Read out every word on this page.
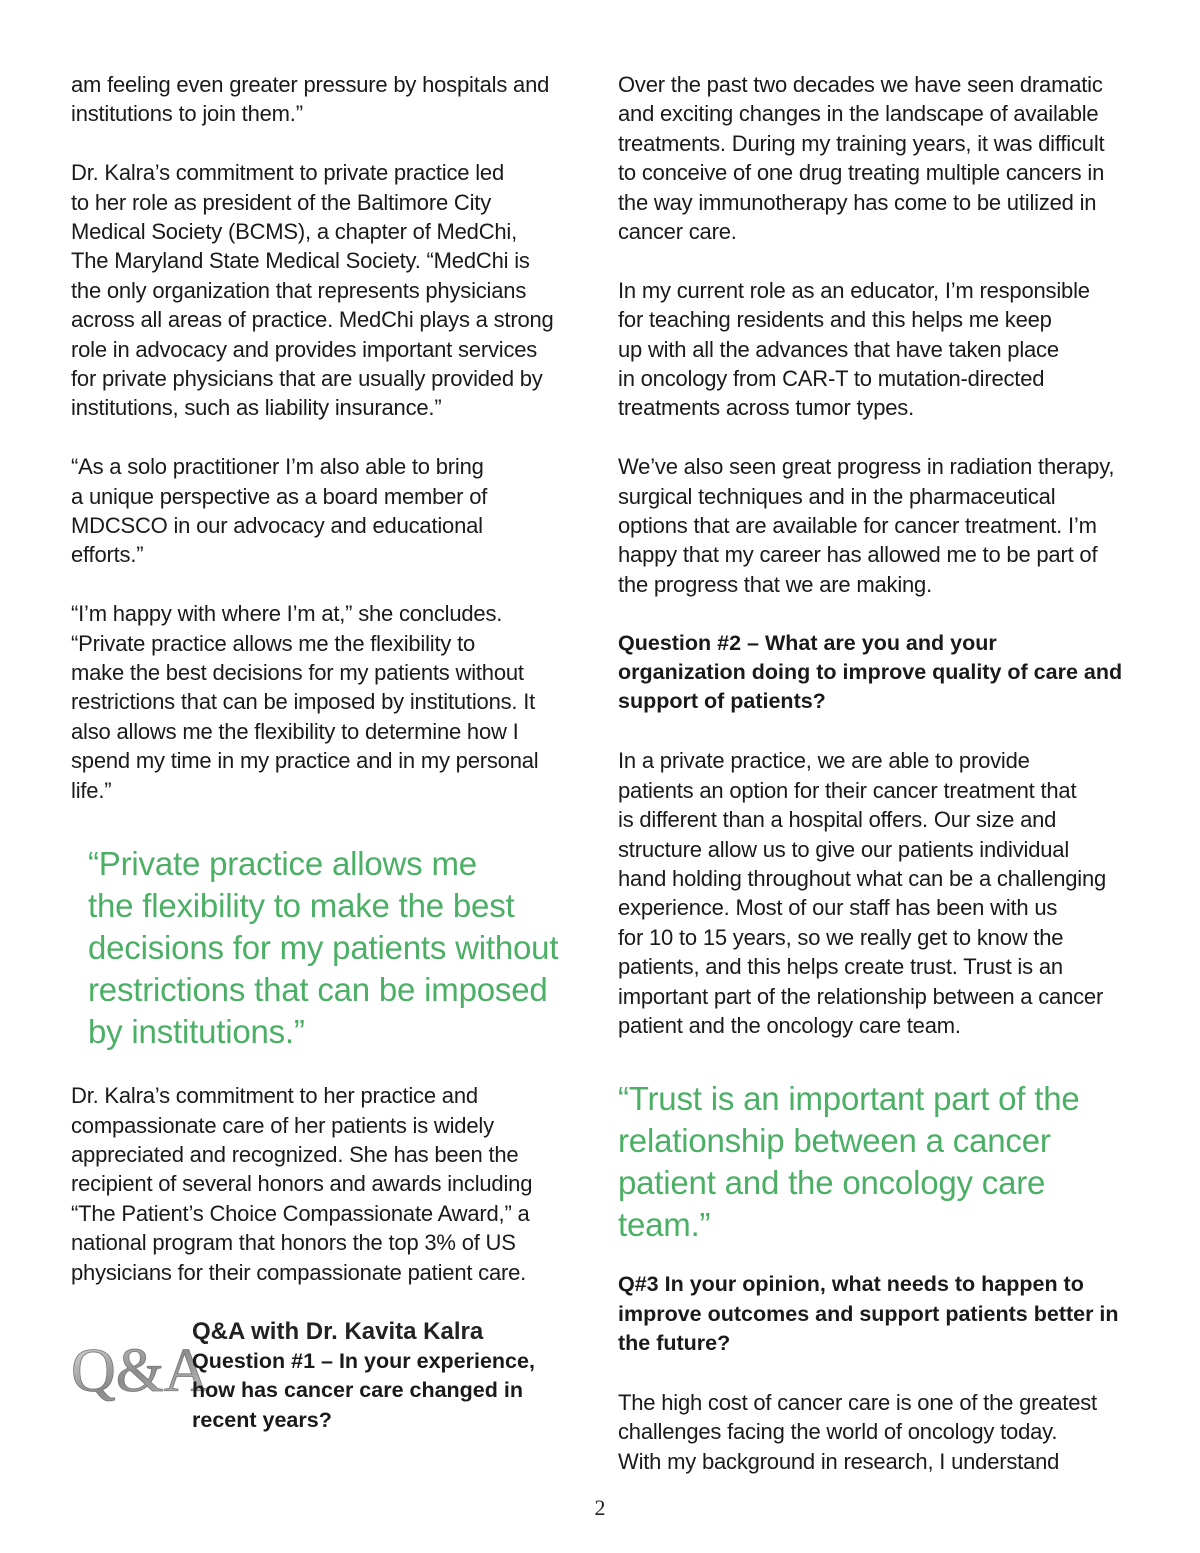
am feeling even greater pressure by hospitals and
institutions to join them.”

Dr. Kalra’s commitment to private practice led
to her role as president of the Baltimore City
Medical Society (BCMS), a chapter of MedChi,
The Maryland State Medical Society. “MedChi is
the only organization that represents physicians
across all areas of practice. MedChi plays a strong
role in advocacy and provides important services
for private physicians that are usually provided by
institutions, such as liability insurance.”

“As a solo practitioner I’m also able to bring
a unique perspective as a board member of
MDCSCO in our advocacy and educational
efforts.”

“I’m happy with where I’m at,” she concludes.
“Private practice allows me the flexibility to
make the best decisions for my patients without
restrictions that can be imposed by institutions. It
also allows me the flexibility to determine how I
spend my time in my practice and in my personal
life.”

“Private practice allows me
the flexibility to make the best
decisions for my patients without
restrictions that can be imposed
by institutions.”

Dr. Kalra’s commitment to her practice and
compassionate care of her patients is widely
appreciated and recognized. She has been the
recipient of several honors and awards including
“The Patient’s Choice Compassionate Award,” a
national program that honors the top 3% of US
physicians for their compassionate patient care.

Q&A

Q&A with Dr. Kavita Kalra

Question #1 – In your experience,
how has cancer care changed in
recent years?

Over the past two decades we have seen dramatic
and exciting changes in the landscape of available
treatments. During my training years, it was difficult
to conceive of one drug treating multiple cancers in
the way immunotherapy has come to be utilized in
cancer care.

In my current role as an educator, I’m responsible
for teaching residents and this helps me keep
up with all the advances that have taken place
in oncology from CAR-T to mutation-directed
treatments across tumor types.

We’ve also seen great progress in radiation therapy,
surgical techniques and in the pharmaceutical
options that are available for cancer treatment. I’m
happy that my career has allowed me to be part of
the progress that we are making.

Question #2 – What are you and your
organization doing to improve quality of care and
support of patients?

In a private practice, we are able to provide
patients an option for their cancer treatment that
is different than a hospital offers. Our size and
structure allow us to give our patients individual
hand holding throughout what can be a challenging
experience. Most of our staff has been with us
for 10 to 15 years, so we really get to know the
patients, and this helps create trust. Trust is an
important part of the relationship between a cancer
patient and the oncology care team.

“Trust is an important part of the
relationship between a cancer
patient and the oncology care
team.”

Q#3 In your opinion, what needs to happen to
improve outcomes and support patients better in
the future?

The high cost of cancer care is one of the greatest
challenges facing the world of oncology today.
With my background in research, I understand

2
